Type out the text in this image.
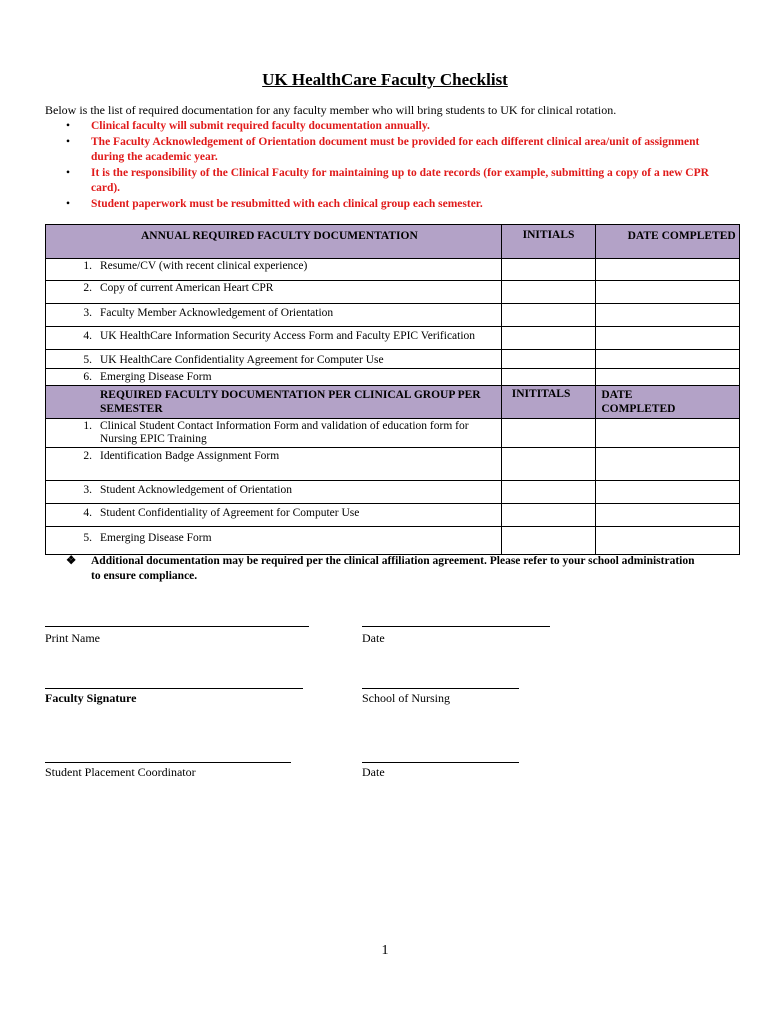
UK HealthCare Faculty Checklist
Below is the list of required documentation for any faculty member who will bring students to UK for clinical rotation.
• Clinical faculty will submit required faculty documentation annually.
• The Faculty Acknowledgement of Orientation document must be provided for each different clinical area/unit of assignment during the academic year.
• It is the responsibility of the Clinical Faculty for maintaining up to date records (for example, submitting a copy of a new CPR card).
• Student paperwork must be resubmitted with each clinical group each semester.
ANNUAL REQUIRED FACULTY DOCUMENTATION	INITIALS	DATE COMPLETED

1. Resume/CV (with recent clinical experience)		

2. Copy of current American Heart CPR		

3. Faculty Member Acknowledgement of Orientation		

4. UK HealthCare Information Security Access Form and Faculty EPIC Verification		

5. UK HealthCare Confidentiality Agreement for Computer Use		

6. Emerging Disease Form		

REQUIRED FACULTY DOCUMENTATION PER CLINICAL GROUP PER SEMESTER	INITITALS	DATE COMPLETED

1. Clinical Student Contact Information Form and validation of education form for Nursing EPIC Training		

2. Identification Badge Assignment Form		

3. Student Acknowledgement of Orientation		

4. Student Confidentiality of Agreement for Computer Use		

5. Emerging Disease Form		

❖	Additional documentation may be required per the clinical affiliation agreement. Please refer to your school administration to ensure compliance.
Print Name	Date
Faculty Signature	School of Nursing
Student Placement Coordinator	Date
1
